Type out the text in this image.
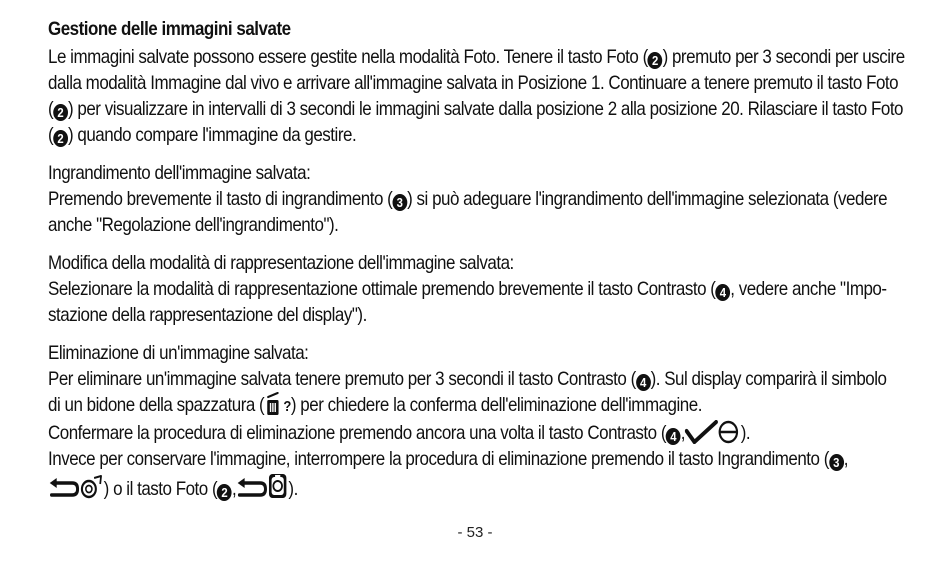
Gestione delle immagini salvate

Le immagini salvate possono essere gestite nella modalità Foto. Tenere il tasto Foto ( 2 ) premuto per 3 secondi per uscire
dalla modalità Immagine dal vivo e arrivare all'immagine salvata in Posizione 1. Continuare a tenere premuto il tasto Foto
( 2 ) per visualizzare in intervalli di 3 secondi le immagini salvate dalla posizione 2 alla posizione 20. Rilasciare il tasto Foto
( 2 ) quando compare l'immagine da gestire.

Ingrandimento dell'immagine salvata:
Premendo brevemente il tasto di ingrandimento ( 3 ) si può adeguare l'ingrandimento dell'immagine selezionata (vedere
anche "Regolazione dell'ingrandimento").

Modifica della modalità di rappresentazione dell'immagine salvata:
Selezionare la modalità di rappresentazione ottimale premendo brevemente il tasto Contrasto ( 4 , vedere anche "Impo-
stazione della rappresentazione del display").

Eliminazione di un'immagine salvata:
Per eliminare un'immagine salvata tenere premuto per 3 secondi il tasto Contrasto ( 4 ). Sul display comparirà il simbolo
di un bidone della spazzatura ( ?) per chiedere la conferma dell'eliminazione dell'immagine.
Confermare la procedura di eliminazione premendo ancora una volta il tasto Contrasto ( 4 ,	).
Invece per conservare l'immagine, interrompere la procedura di eliminazione premendo il tasto Ingrandimento ( 3 ,
) o il tasto Foto ( 2 ,	).

- 53 -
